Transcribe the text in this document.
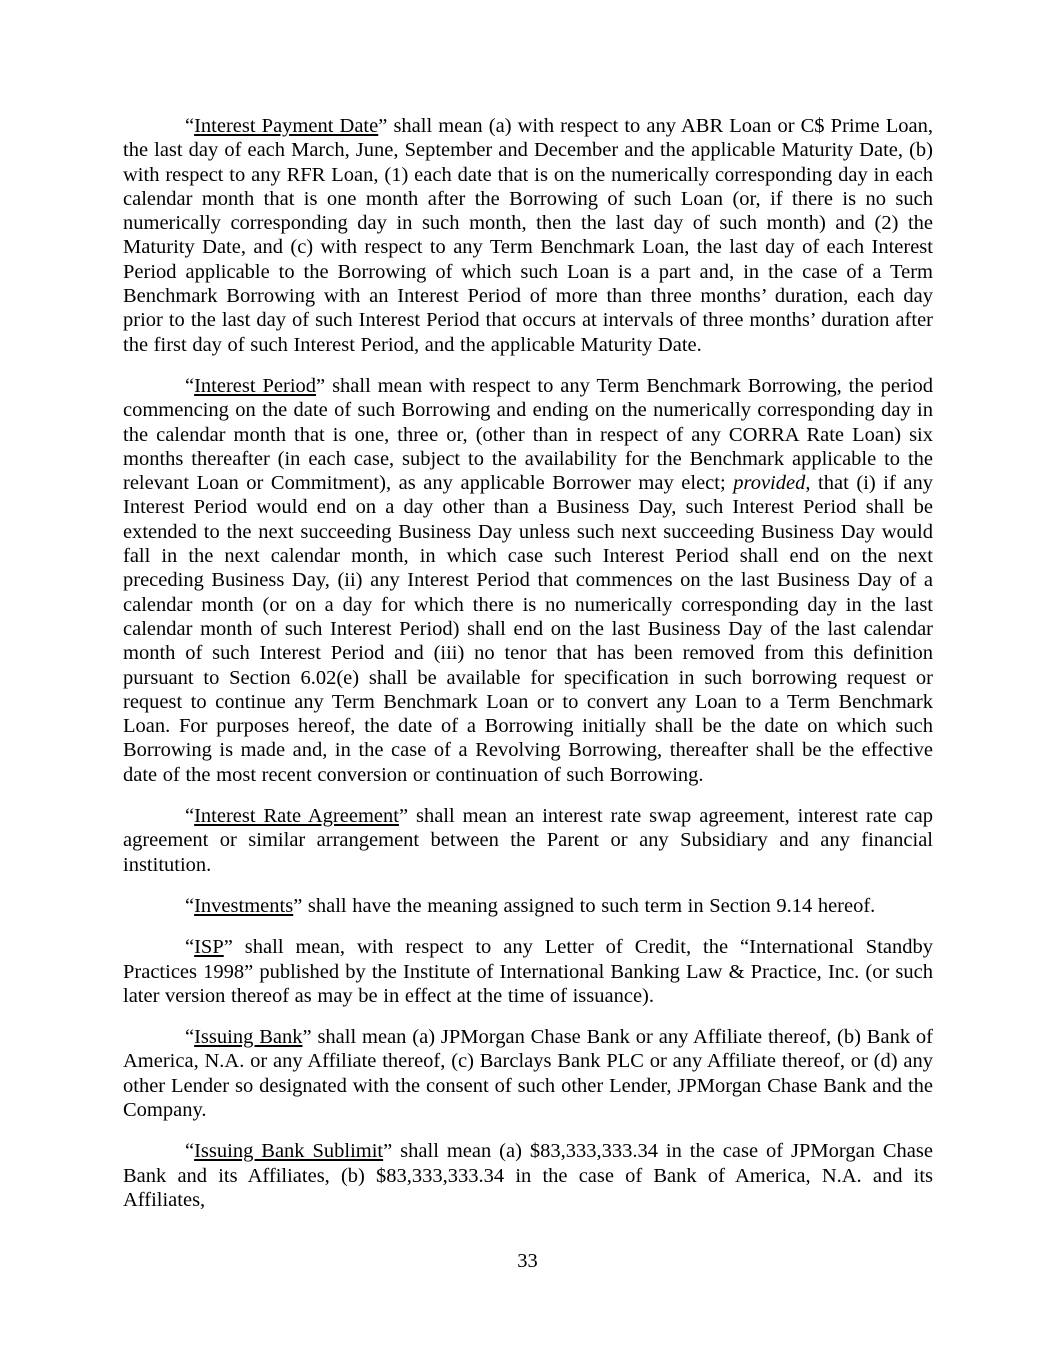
“Interest Payment Date” shall mean (a) with respect to any ABR Loan or C$ Prime Loan, the last day of each March, June, September and December and the applicable Maturity Date, (b) with respect to any RFR Loan, (1) each date that is on the numerically corresponding day in each calendar month that is one month after the Borrowing of such Loan (or, if there is no such numerically corresponding day in such month, then the last day of such month) and (2) the Maturity Date, and (c) with respect to any Term Benchmark Loan, the last day of each Interest Period applicable to the Borrowing of which such Loan is a part and, in the case of a Term Benchmark Borrowing with an Interest Period of more than three months’ duration, each day prior to the last day of such Interest Period that occurs at intervals of three months’ duration after the first day of such Interest Period, and the applicable Maturity Date.

“Interest Period” shall mean with respect to any Term Benchmark Borrowing, the period commencing on the date of such Borrowing and ending on the numerically corresponding day in the calendar month that is one, three or, (other than in respect of any CORRA Rate Loan) six months thereafter (in each case, subject to the availability for the Benchmark applicable to the relevant Loan or Commitment), as any applicable Borrower may elect; provided, that (i) if any Interest Period would end on a day other than a Business Day, such Interest Period shall be extended to the next succeeding Business Day unless such next succeeding Business Day would fall in the next calendar month, in which case such Interest Period shall end on the next preceding Business Day, (ii) any Interest Period that commences on the last Business Day of a calendar month (or on a day for which there is no numerically corresponding day in the last calendar month of such Interest Period) shall end on the last Business Day of the last calendar month of such Interest Period and (iii) no tenor that has been removed from this definition pursuant to Section 6.02(e) shall be available for specification in such borrowing request or request to continue any Term Benchmark Loan or to convert any Loan to a Term Benchmark Loan. For purposes hereof, the date of a Borrowing initially shall be the date on which such Borrowing is made and, in the case of a Revolving Borrowing, thereafter shall be the effective date of the most recent conversion or continuation of such Borrowing.

“Interest Rate Agreement” shall mean an interest rate swap agreement, interest rate cap agreement or similar arrangement between the Parent or any Subsidiary and any financial institution.

“Investments” shall have the meaning assigned to such term in Section 9.14 hereof.

“ISP” shall mean, with respect to any Letter of Credit, the “International Standby Practices 1998” published by the Institute of International Banking Law & Practice, Inc. (or such later version thereof as may be in effect at the time of issuance).

“Issuing Bank” shall mean (a) JPMorgan Chase Bank or any Affiliate thereof, (b) Bank of America, N.A. or any Affiliate thereof, (c) Barclays Bank PLC or any Affiliate thereof, or (d) any other Lender so designated with the consent of such other Lender, JPMorgan Chase Bank and the Company.

“Issuing Bank Sublimit” shall mean (a) $83,333,333.34 in the case of JPMorgan Chase Bank and its Affiliates, (b) $83,333,333.34 in the case of Bank of America, N.A. and its Affiliates,

33
